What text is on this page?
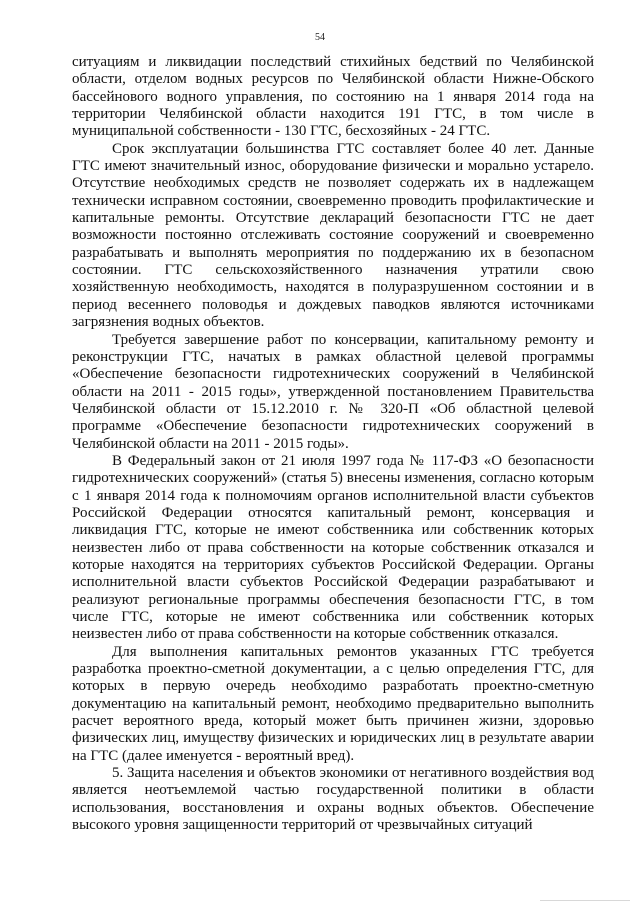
54

ситуациям и ликвидации последствий стихийных бедствий по Челябинской области, отделом водных ресурсов по Челябинской области Нижне-Обского бассейнового водного управления, по состоянию на 1 января 2014 года на территории Челябинской области находится 191 ГТС, в том числе в муниципальной собственности - 130 ГТС, бесхозяйных - 24 ГТС.

Срок эксплуатации большинства ГТС составляет более 40 лет. Данные ГТС имеют значительный износ, оборудование физически и морально устарело. Отсутствие необходимых средств не позволяет содержать их в надлежащем технически исправном состоянии, своевременно проводить профилактические и капитальные ремонты. Отсутствие деклараций безопасности ГТС не дает возможности постоянно отслеживать состояние сооружений и своевременно разрабатывать и выполнять мероприятия по поддержанию их в безопасном состоянии. ГТС сельскохозяйственного назначения утратили свою хозяйственную необходимость, находятся в полуразрушенном состоянии и в период весеннего половодья и дождевых паводков являются источниками загрязнения водных объектов.

Требуется завершение работ по консервации, капитальному ремонту и реконструкции ГТС, начатых в рамках областной целевой программы «Обеспечение безопасности гидротехнических сооружений в Челябинской области на 2011 - 2015 годы», утвержденной постановлением Правительства Челябинской области от 15.12.2010 г. № 320-П «Об областной целевой программе «Обеспечение безопасности гидротехнических сооружений в Челябинской области на 2011 - 2015 годы».

В Федеральный закон от 21 июля 1997 года № 117-ФЗ «О безопасности гидротехнических сооружений» (статья 5) внесены изменения, согласно которым с 1 января 2014 года к полномочиям органов исполнительной власти субъектов Российской Федерации относятся капитальный ремонт, консервация и ликвидация ГТС, которые не имеют собственника или собственник которых неизвестен либо от права собственности на которые собственник отказался и которые находятся на территориях субъектов Российской Федерации. Органы исполнительной власти субъектов Российской Федерации разрабатывают и реализуют региональные программы обеспечения безопасности ГТС, в том числе ГТС, которые не имеют собственника или собственник которых неизвестен либо от права собственности на которые собственник отказался.

Для выполнения капитальных ремонтов указанных ГТС требуется разработка проектно-сметной документации, а с целью определения ГТС, для которых в первую очередь необходимо разработать проектно-сметную документацию на капитальный ремонт, необходимо предварительно выполнить расчет вероятного вреда, который может быть причинен жизни, здоровью физических лиц, имуществу физических и юридических лиц в результате аварии на ГТС (далее именуется - вероятный вред).

5. Защита населения и объектов экономики от негативного воздействия вод является неотъемлемой частью государственной политики в области использования, восстановления и охраны водных объектов. Обеспечение высокого уровня защищенности территорий от чрезвычайных ситуаций
